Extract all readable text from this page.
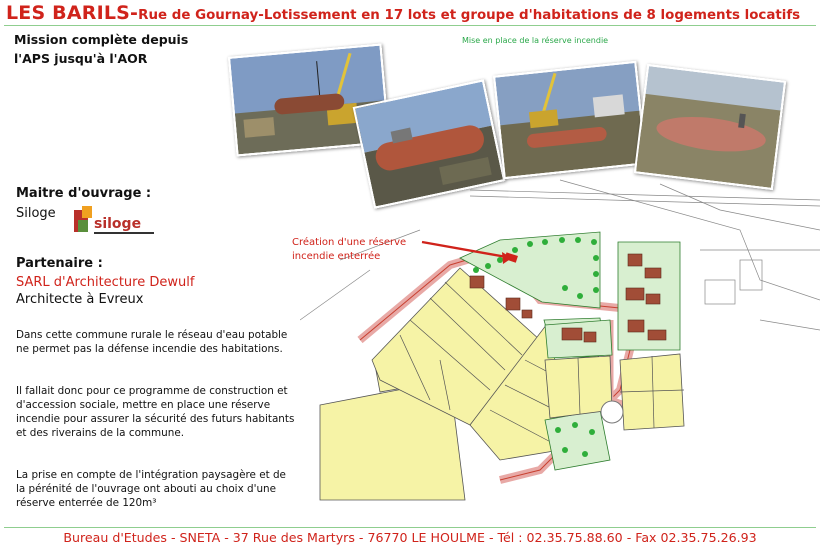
LES BARILS-Rue de Gournay-Lotissement en 17 lots et groupe d'habitations de 8 logements locatifs
Mission complète depuis
l'APS jusqu'à l'AOR
Mise en place de la réserve incendie
Maitre d'ouvrage :
Siloge
siloge
Partenaire :
SARL d'Architecture Dewulf
Architecte à Evreux
Dans cette commune rurale le réseau d'eau potable ne permet pas la défense incendie des habitations.
Il fallait donc pour ce programme de construction et d'accession sociale, mettre en place une réserve incendie pour assurer la sécurité des futurs habitants et des riverains de la commune.
La prise en compte de l'intégration paysagère et de la pérénité de l'ouvrage ont abouti au choix d'une réserve enterrée de 120m³
Création d'une réserve
incendie enterrée
Bureau d'Etudes - SNETA - 37 Rue des Martyrs - 76770 LE HOULME - Tél : 02.35.75.88.60 - Fax 02.35.75.26.93
